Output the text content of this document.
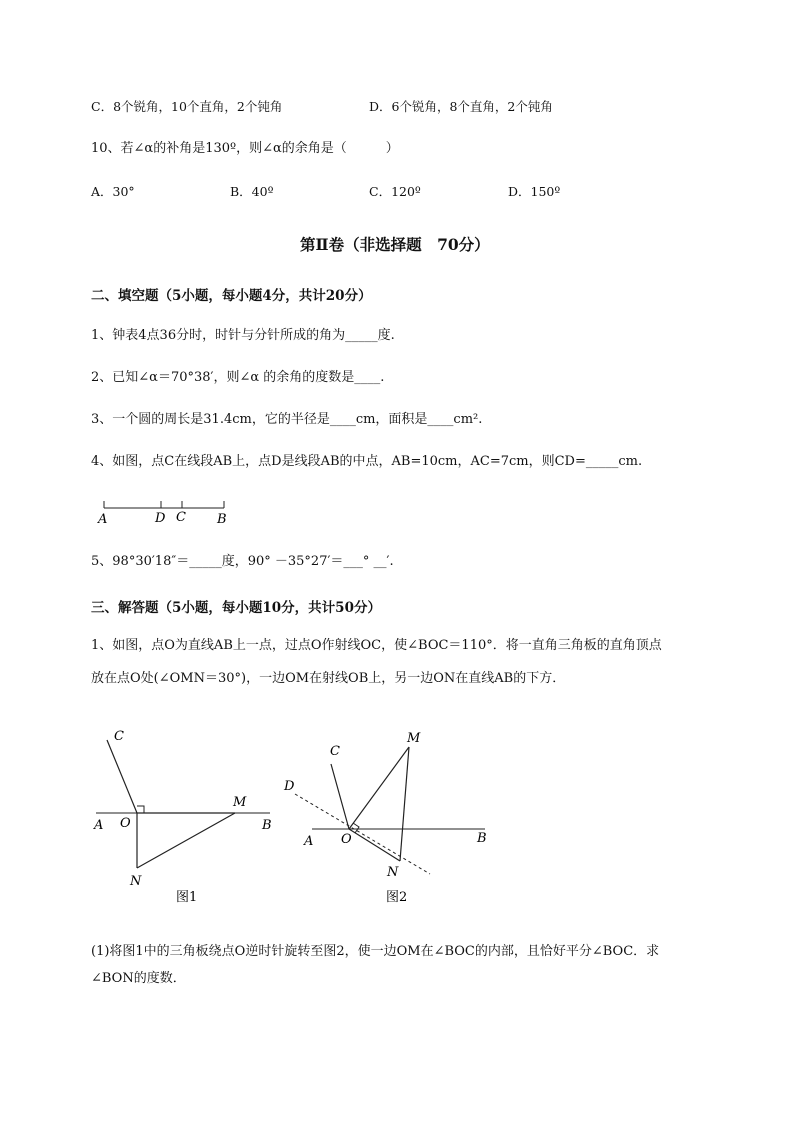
C．8个锐角，10个直角，2个钝角	D．6个锐角，8个直角，2个钝角
10、若∠α的补角是130º，则∠α的余角是（　　　）
A．30°	B．40º	C．120º	D．150º
第Ⅱ卷（非选择题　70分）
二、填空题（5小题，每小题4分，共计20分）
1、钟表4点36分时，时针与分针所成的角为_____度.
2、已知∠α＝70°38′，则∠α 的余角的度数是____.
3、一个圆的周长是31.4cm，它的半径是____cm，面积是____cm².
4、如图，点C在线段AB上，点D是线段AB的中点，AB=10cm，AC=7cm，则CD=_____cm.
A	D C B
5、98°30′18″＝_____度，90° －35°27′＝___° __′.
三、解答题（5小题，每小题10分，共计50分）
1、如图，点O为直线AB上一点，过点O作射线OC，使∠BOC＝110°．将一直角三角板的直角顶点
放在点O处(∠OMN＝30°)，一边OM在射线OB上，另一边ON在直线AB的下方．
C
A O
M
B
N
图1
C
M
D
A O	B
N
图2
(1)将图1中的三角板绕点O逆时针旋转至图2，使一边OM在∠BOC的内部，且恰好平分∠BOC．求
∠BON的度数．
